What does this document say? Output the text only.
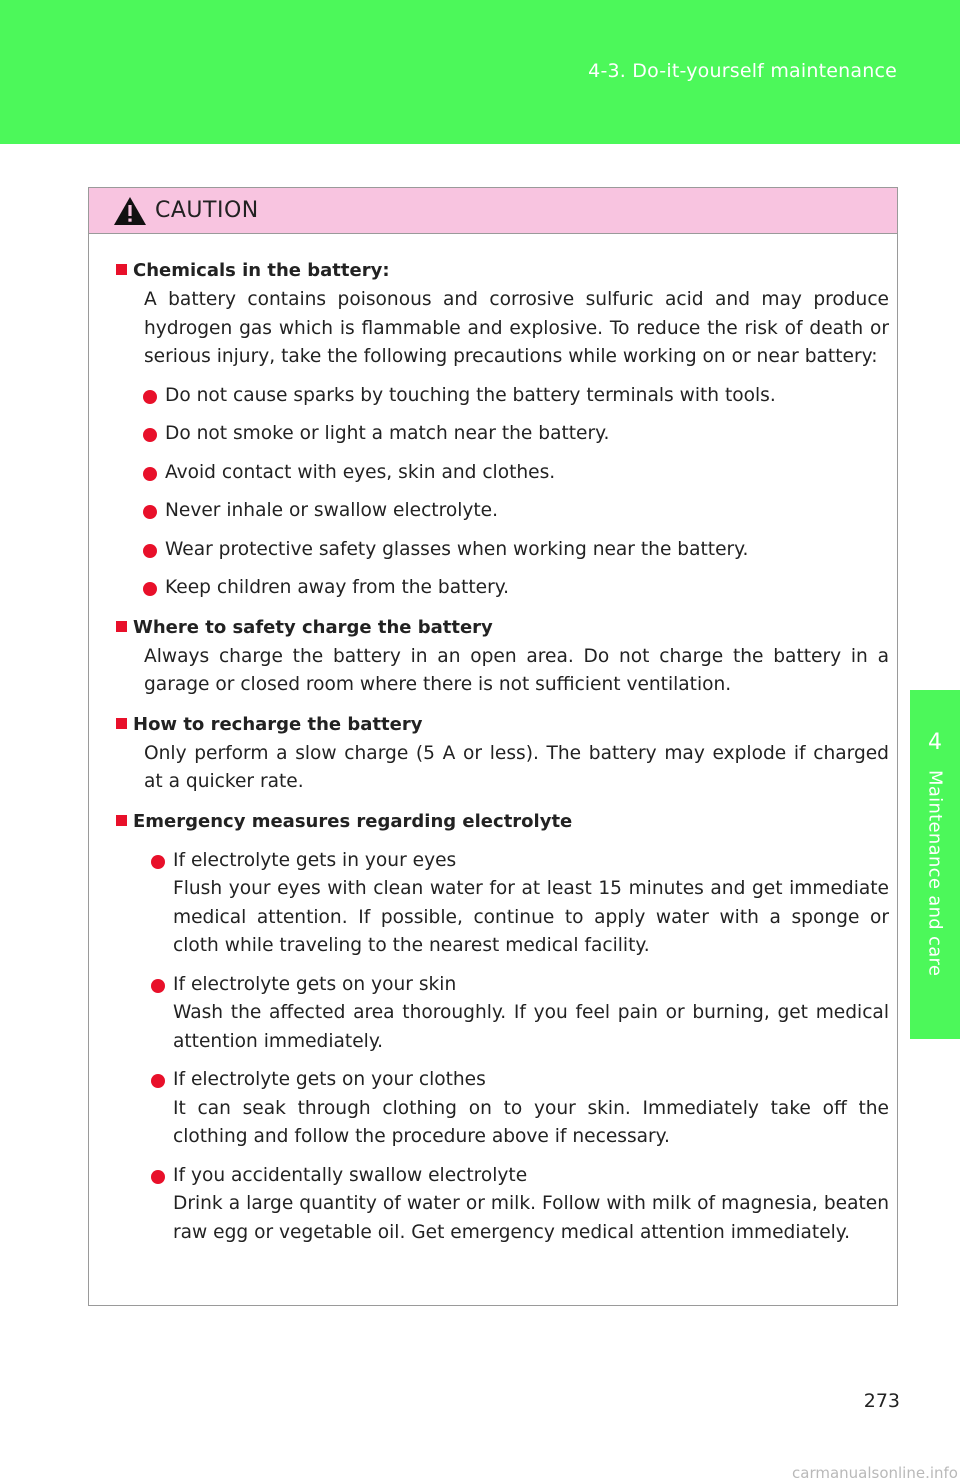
4-3. Do-it-yourself maintenance
4
Maintenance and care
CAUTION
Chemicals in the battery:
A battery contains poisonous and corrosive sulfuric acid and may produce hydrogen gas which is flammable and explosive. To reduce the risk of death or serious injury, take the following precautions while working on or near battery:
Do not cause sparks by touching the battery terminals with tools.
Do not smoke or light a match near the battery.
Avoid contact with eyes, skin and clothes.
Never inhale or swallow electrolyte.
Wear protective safety glasses when working near the battery.
Keep children away from the battery.
Where to safety charge the battery
Always charge the battery in an open area. Do not charge the battery in a garage or closed room where there is not sufficient ventilation.
How to recharge the battery
Only perform a slow charge (5 A or less). The battery may explode if charged at a quicker rate.
Emergency measures regarding electrolyte
If electrolyte gets in your eyes
Flush your eyes with clean water for at least 15 minutes and get immediate medical attention. If possible, continue to apply water with a sponge or cloth while traveling to the nearest medical facility.
If electrolyte gets on your skin
Wash the affected area thoroughly. If you feel pain or burning, get medical attention immediately.
If electrolyte gets on your clothes
It can seak through clothing on to your skin. Immediately take off the clothing and follow the procedure above if necessary.
If you accidentally swallow electrolyte
Drink a large quantity of water or milk. Follow with milk of magnesia, beaten raw egg or vegetable oil. Get emergency medical attention immediately.
273
carmanualsonline.info
